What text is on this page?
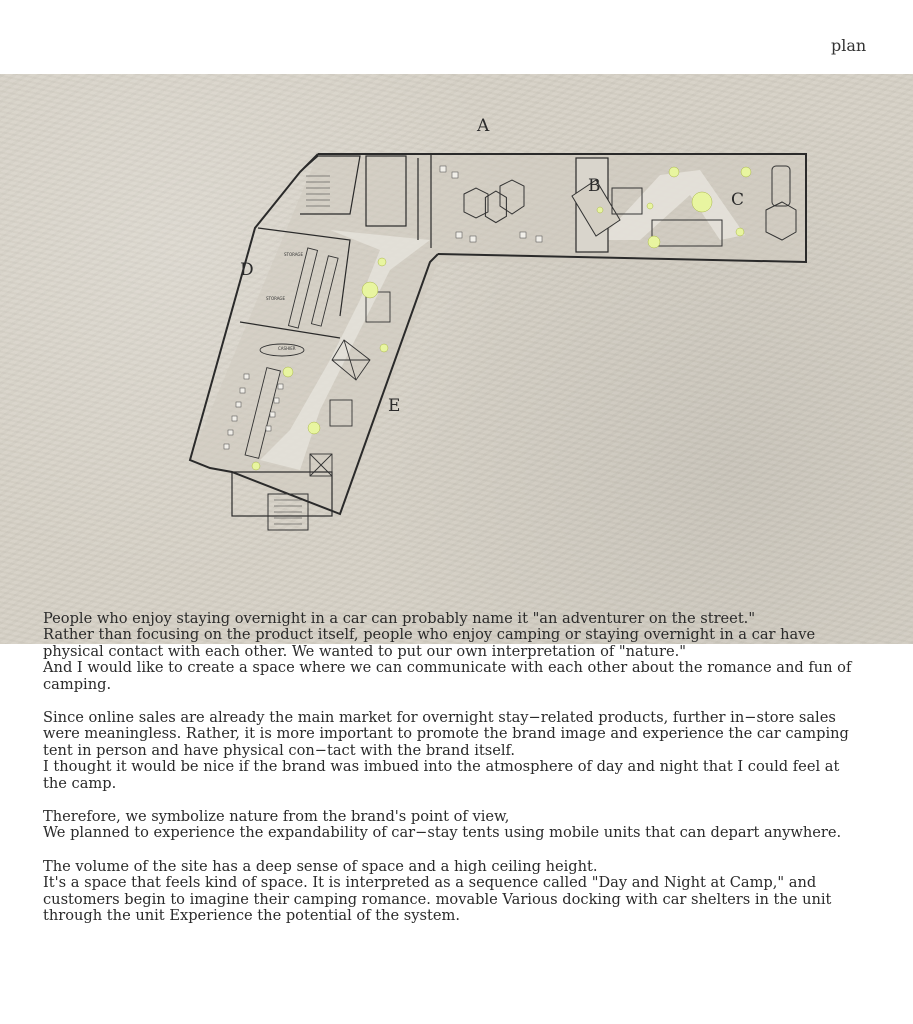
plan
A
B
C
D
E
STORAGE
STORAGE
CASHIER

People who enjoy staying overnight in a car can probably name it "an adventurer on the street."

Rather than focusing on the product itself, people who enjoy camping or staying overnight in a car have physical contact with each other. We wanted to put our own interpretation of "nature."

And I would like to create a space where we can communicate with each other about the romance and fun of camping.

Since online sales are already the main market for overnight stay−related products, further in−store sales were meaningless. Rather, it is more important to promote the brand image and experience the car camping tent in person and have physical con−tact with the brand itself.

I thought it would be nice if the brand was imbued into the atmosphere of day and night that I could feel at the camp.

Therefore, we symbolize nature from the brand's point of view,

We planned to experience the expandability of car−stay tents using mobile units that can depart anywhere.

The volume of the site has a deep sense of space and a high ceiling height.

It's a space that feels kind of space. It is interpreted as a sequence called "Day and Night at Camp," and customers begin to imagine their camping romance. movable Various docking with car shelters in the unit through the unit Experience the potential of the system.
